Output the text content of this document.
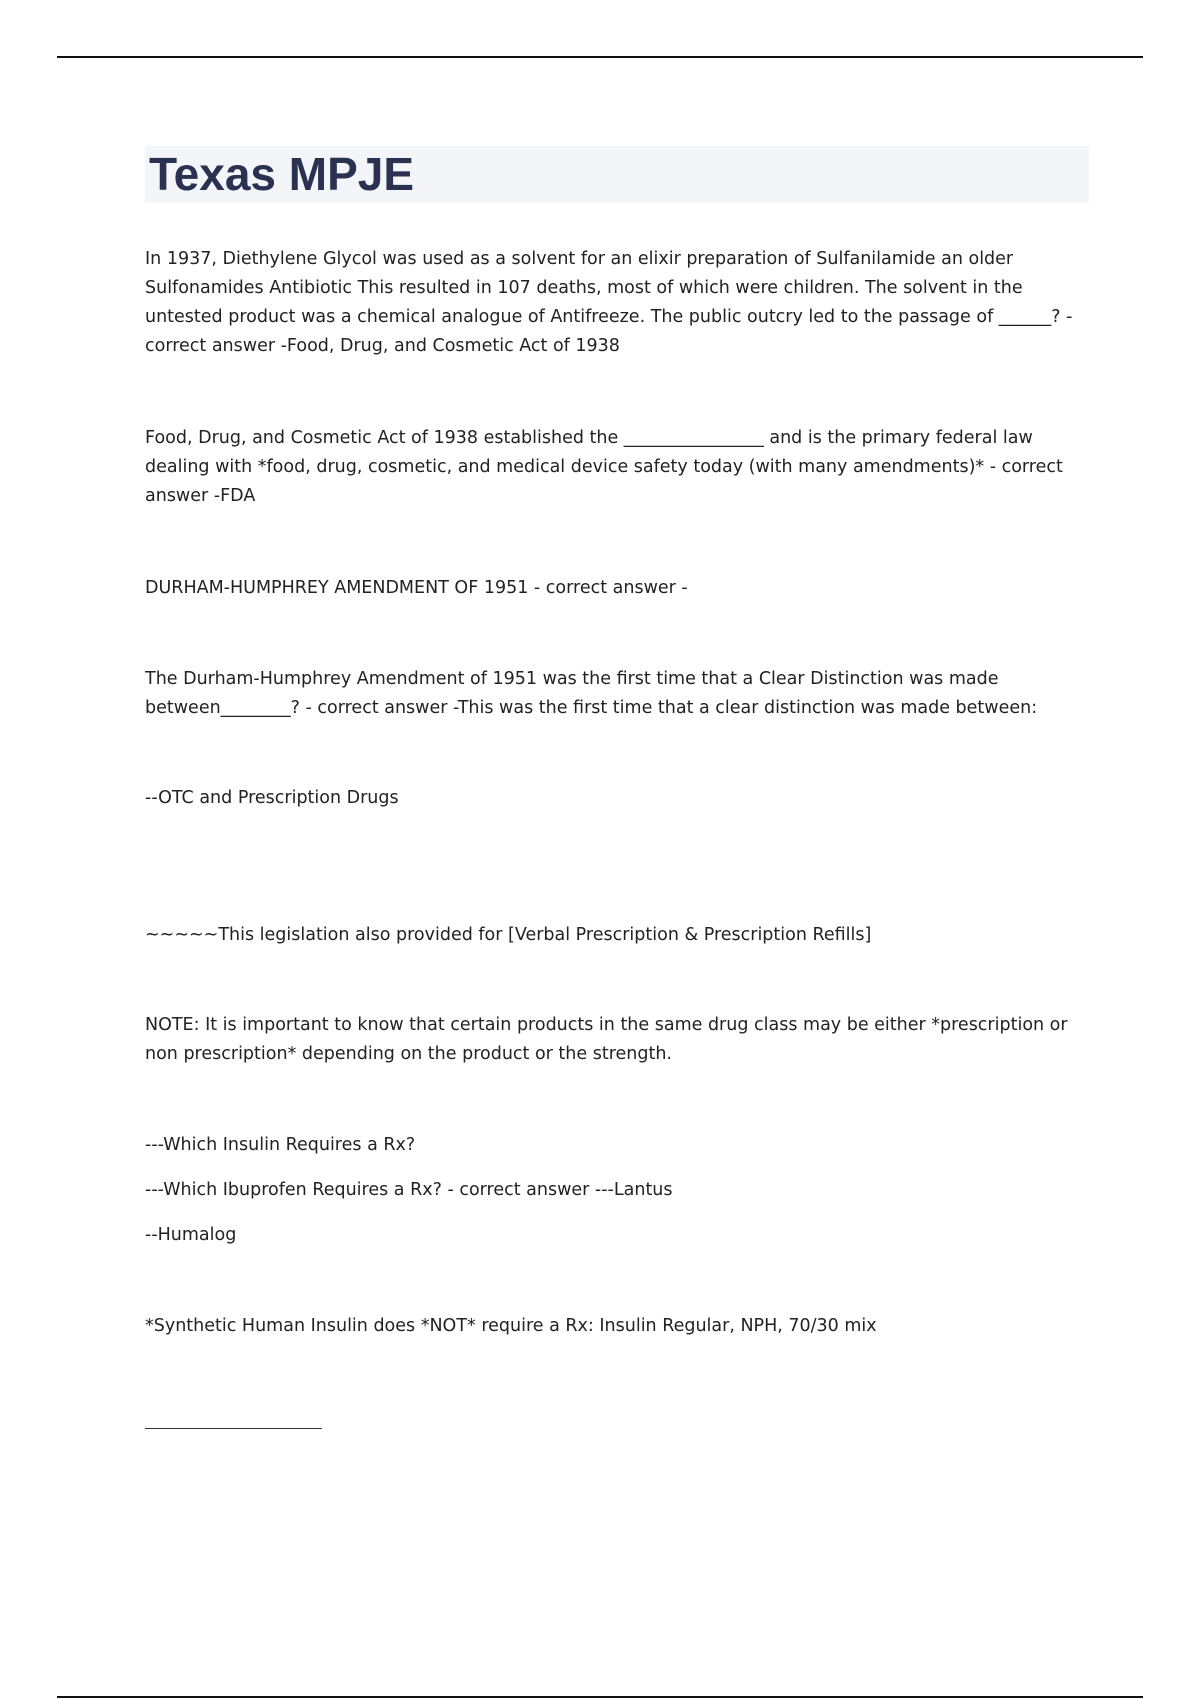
Texas MPJE

In 1937, Diethylene Glycol was used as a solvent for an elixir preparation of Sulfanilamide an older Sulfonamides Antibiotic This resulted in 107 deaths, most of which were children. The solvent in the untested product was a chemical analogue of Antifreeze. The public outcry led to the passage of ______? - correct answer -Food, Drug, and Cosmetic Act of 1938

Food, Drug, and Cosmetic Act of 1938 established the ________________ and is the primary federal law dealing with *food, drug, cosmetic, and medical device safety today (with many amendments)* - correct answer -FDA

DURHAM-HUMPHREY AMENDMENT OF 1951 - correct answer -

The Durham-Humphrey Amendment of 1951 was the first time that a Clear Distinction was made between________? - correct answer -This was the first time that a clear distinction was made between:

--OTC and Prescription Drugs

~~~~~This legislation also provided for [Verbal Prescription & Prescription Refills]

NOTE: It is important to know that certain products in the same drug class may be either *prescription or non prescription* depending on the product or the strength.

---Which Insulin Requires a Rx?

---Which Ibuprofen Requires a Rx? - correct answer ---Lantus

--Humalog

*Synthetic Human Insulin does *NOT* require a Rx: Insulin Regular, NPH, 70/30 mix
